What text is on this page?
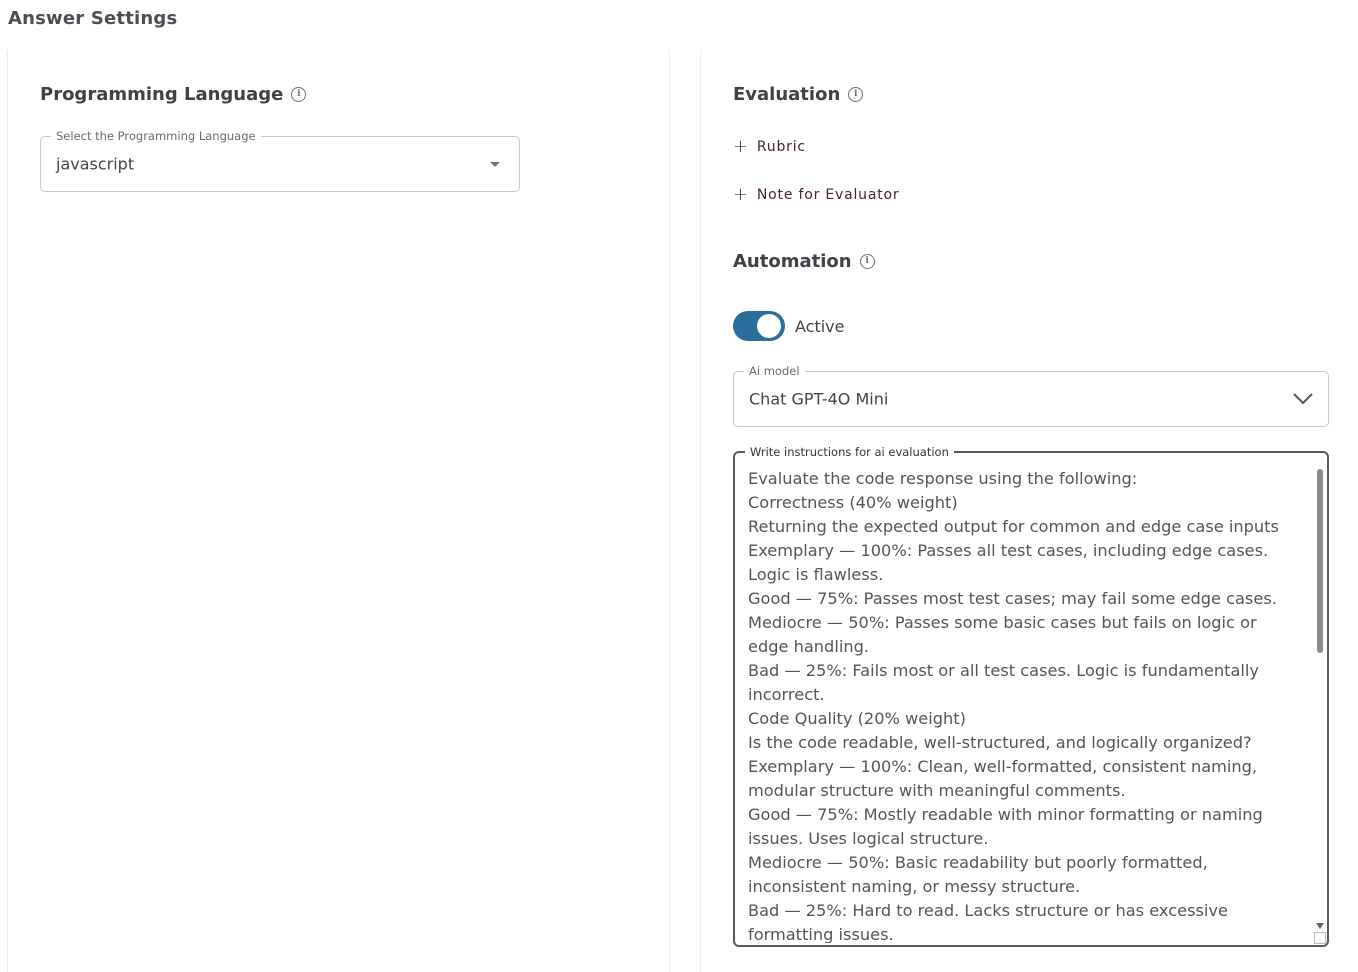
Answer Settings
Programming Language	i
Select the Programming Language
javascript
Evaluation	i
+ Rubric
+ Note for Evaluator
Automation	i
Active
Ai model
Chat GPT-4O Mini
Write instructions for ai evaluation
Evaluate the code response using the following:
Correctness (40% weight)
Returning the expected output for common and edge case inputs
Exemplary — 100%: Passes all test cases, including edge cases.
Logic is flawless.
Good — 75%: Passes most test cases; may fail some edge cases.
Mediocre — 50%: Passes some basic cases but fails on logic or
edge handling.
Bad — 25%: Fails most or all test cases. Logic is fundamentally
incorrect.
Code Quality (20% weight)
Is the code readable, well-structured, and logically organized?
Exemplary — 100%: Clean, well-formatted, consistent naming,
modular structure with meaningful comments.
Good — 75%: Mostly readable with minor formatting or naming
issues. Uses logical structure.
Mediocre — 50%: Basic readability but poorly formatted,
inconsistent naming, or messy structure.
Bad — 25%: Hard to read. Lacks structure or has excessive
formatting issues.
